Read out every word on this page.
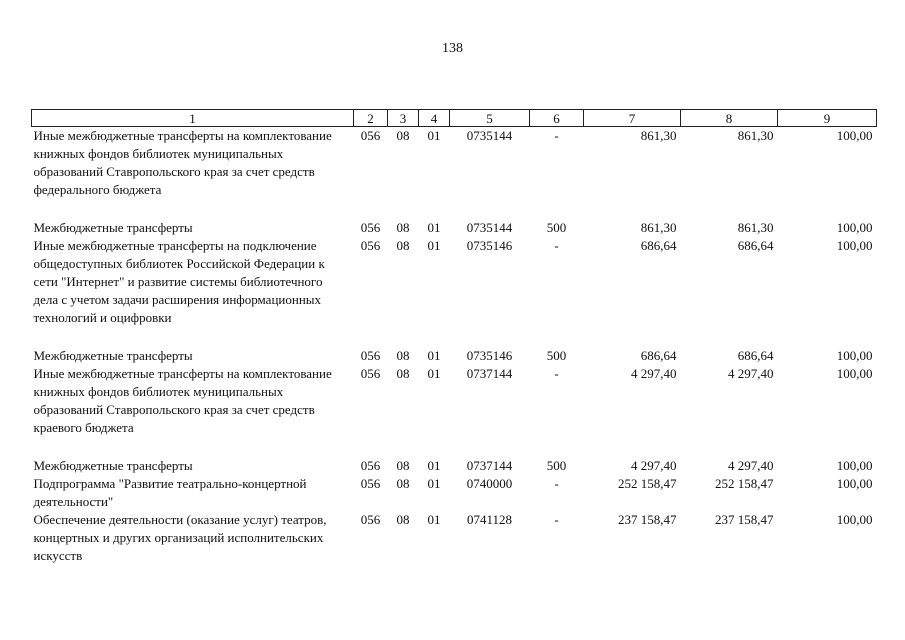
138
1	2	3	4	5	6	7	8	9
Иные межбюджетные трансферты на комплектование книжных фондов библиотек муниципальных образований Ставропольского края за счет средств федерального бюджета	056	08	01	0735144	-	861,30	861,30	100,00

Межбюджетные трансферты	056	08	01	0735144	500	861,30	861,30	100,00
Иные межбюджетные трансферты на подключение общедоступных библиотек Российской Федерации к сети "Интернет" и развитие системы библиотечного дела с учетом задачи расширения информационных технологий и оцифровки	056	08	01	0735146	-	686,64	686,64	100,00

Межбюджетные трансферты	056	08	01	0735146	500	686,64	686,64	100,00
Иные межбюджетные трансферты на комплектование книжных фондов библиотек муниципальных образований Ставропольского края за счет средств краевого бюджета	056	08	01	0737144	-	4 297,40	4 297,40	100,00

Межбюджетные трансферты	056	08	01	0737144	500	4 297,40	4 297,40	100,00
Подпрограмма "Развитие театрально-концертной деятельности"	056	08	01	0740000	-	252 158,47	252 158,47	100,00
Обеспечение деятельности (оказание услуг) театров, концертных и других организаций исполнительских искусств	056	08	01	0741128	-	237 158,47	237 158,47	100,00
